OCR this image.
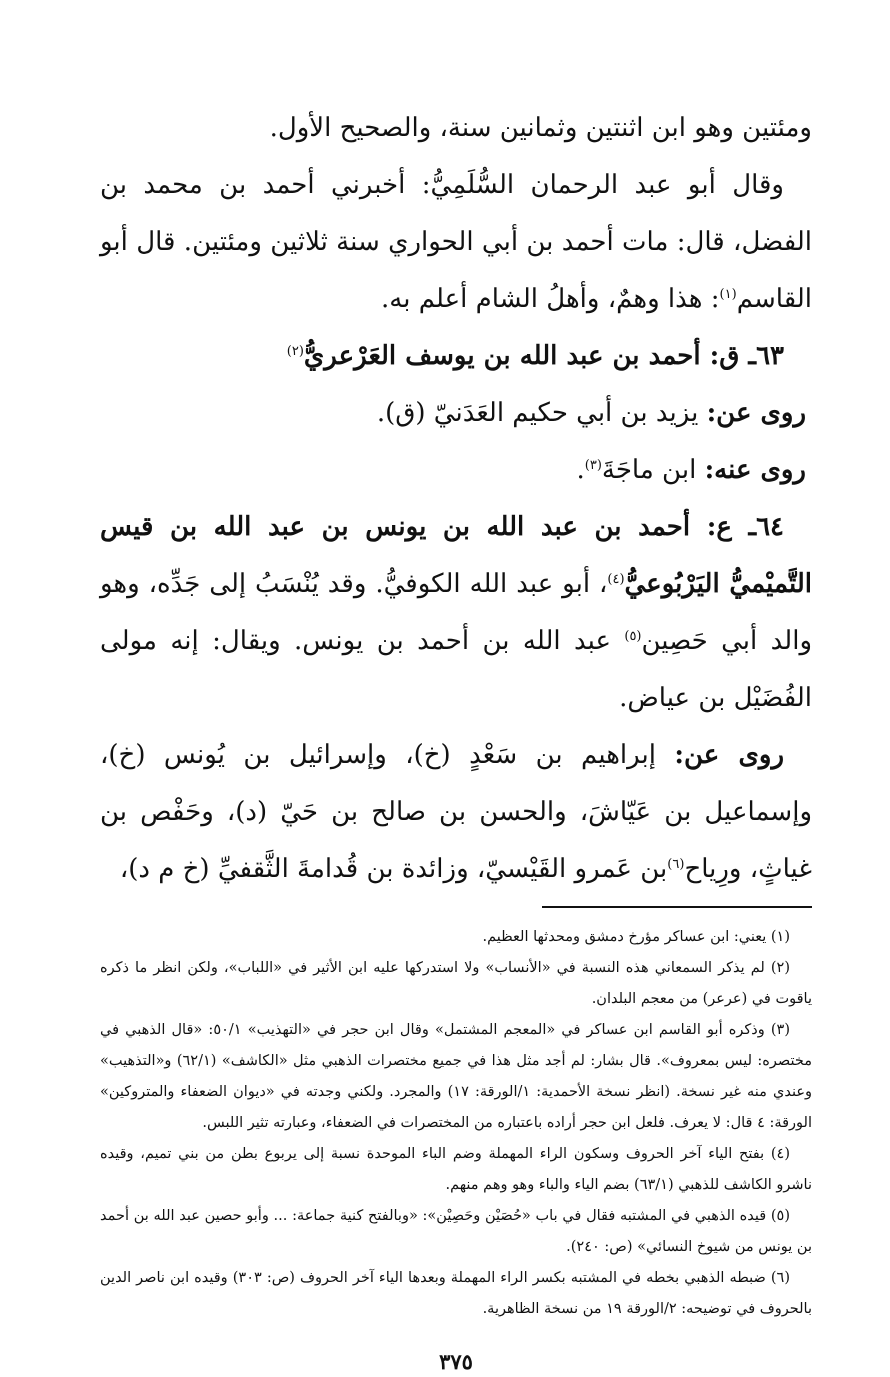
ومئتين وهو ابن اثنتين وثمانين سنة، والصحيح الأول.

وقال أبو عبد الرحمان السُّلَمِيُّ: أخبرني أحمد بن محمد بن الفضل، قال: مات أحمد بن أبي الحواري سنة ثلاثين ومئتين. قال أبو القاسم$^{(١)}$: هذا وهمٌ، وأهلُ الشام أعلم به.

٦٣ـ ق: أحمد بن عبد الله بن يوسف العَرْعريُّ$^{(٢)}$

روى عن: يزيد بن أبي حكيم العَدَنيّ (ق).

روى عنه: ابن ماجَةَ$^{(٣)}$.

٦٤ـ ع: أحمد بن عبد الله بن يونس بن عبد الله بن قيس التَّميْميُّ اليَرْبُوعيُّ$^{(٤)}$، أبو عبد الله الكوفيُّ. وقد يُنْسَبُ إلى جَدِّه، وهو والد أبي حَصِين$^{(٥)}$ عبد الله بن أحمد بن يونس. ويقال: إنه مولى الفُضَيْل بن عياض.

روى عن: إبراهيم بن سَعْدٍ (خ)، وإسرائيل بن يُونس (خ)، وإسماعيل بن عَيّاشَ، والحسن بن صالح بن حَيّ (د)، وحَفْص بن غياثٍ، ورِياح$^{(٦)}$بن عَمرو القَيْسيّ، وزائدة بن قُدامةَ الثَّقفيِّ (خ م د)،

(١) يعني: ابن عساكر مؤرخ دمشق ومحدثها العظيم.

(٢) لم يذكر السمعاني هذه النسبة في «الأنساب» ولا استدركها عليه ابن الأثير في «اللباب»، ولكن انظر ما ذكره ياقوت في (عرعر) من معجم البلدان.

(٣) وذكره أبو القاسم ابن عساكر في «المعجم المشتمل» وقال ابن حجر في «التهذيب» ٥٠/١: «قال الذهبي في مختصره: ليس بمعروف». قال بشار: لم أجد مثل هذا في جميع مختصرات الذهبي مثل «الكاشف» (٦٢/١) و«التذهيب» وعندي منه غير نسخة. (انظر نسخة الأحمدية: ١/الورقة: ١٧) والمجرد. ولكني وجدته في «ديوان الضعفاء والمتروكين» الورقة: ٤ قال: لا يعرف. فلعل ابن حجر أراده باعتباره من المختصرات في الضعفاء، وعبارته تثير اللبس.

(٤) بفتح الياء آخر الحروف وسكون الراء المهملة وضم الباء الموحدة نسبة إلى يربوع بطن من بني تميم، وقيده ناشرو الكاشف للذهبي (٦٣/١) بضم الياء والباء وهو وهم منهم.

(٥) قيده الذهبي في المشتبه فقال في باب «حُصَيْن وحَصِيْن»: «وبالفتح كنية جماعة: ... وأبو حصين عبد الله بن أحمد بن يونس من شيوخ النسائي» (ص: ٢٤٠).

(٦) ضبطه الذهبي بخطه في المشتبه بكسر الراء المهملة وبعدها الياء آخر الحروف (ص: ٣٠٣) وقيده ابن ناصر الدين بالحروف في توضيحه: ٢/الورقة ١٩ من نسخة الظاهرية.

٣٧٥
